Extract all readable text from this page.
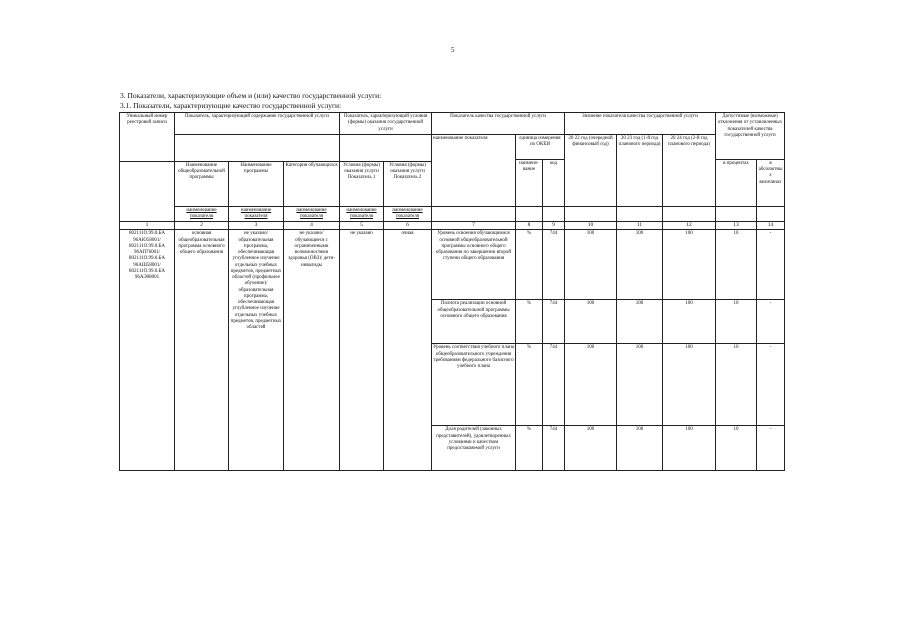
5
3. Показатели, характеризующие объем и (или) качество государственной услуги:
3.1. Показатели, характеризующие качество государственной услуги:
Уникальный номер реестровой записи	Показатель, характеризующий содержание государственной услуги			Показатель, характеризующий условия (формы) оказания государственной услуги		Показатель качества государственной услуги			Значение показателя качества государственной услуги			Допустимые (возможные) отклонения от установленных показателей качества государственной услуги	
						наименование показателя	единица измерения по ОКЕИ		20 22 год (очередной финансовый год)	20 23 год (1-й год планового периода)	20 24 год (2-й год планового периода)		
							наимено-вание	код				в процентах	в абсолютных величинах
	Наименование общеобразовательной программы	Наименование программы	Категория обучающихся	Условия (формы) оказания услуги Показатель 1	Условия (формы) оказания услуги Показатель 2								
	наименование показателя	наименование показателя	наименование показателя	наименование показателя	наименование показателя								
1	2	3	4	5	6	7	8	9	10	11	12	13	14
802111О.99.0.БА 96АЮ58001/ 802111О.99.0.БА 96АП76001/ 802111О.99.0.БА 96АШ58001/ 802111О.99.0.БА 96АЭ08001	основная общеобразовательная программа основного общего образования	не указано/ образовательная программа, обеспечивающая углубленное изучение отдельных учебных предметов, предметных областей (профильное обучение)/ образовательная программа, обеспечивающая углубленное изучение отдельных учебных предметов, предметных областей	не указано/ обучающиеся с ограниченными возможностями здоровья (ОВЗ)/ дети-инвалиды	не указано	очная	Уровень освоения обучающимися основной общеобразовательной программы основного общего образования по завершении второй ступени общего образования	%	744	100	100	100	10	-
						Полнота реализации основной общеобразовательной программы основного общего образования	%	744	100	100	100	10	-
						Уровень соответствия учебного плана общеобразовательного учреждения требованиям федерального базисного учебного плана	%	744	100	100	100	10	-
						Доля родителей (законных представителей), удовлетворенных условиями и качеством предоставляемой услуги	%	744	100	100	100	10	-
